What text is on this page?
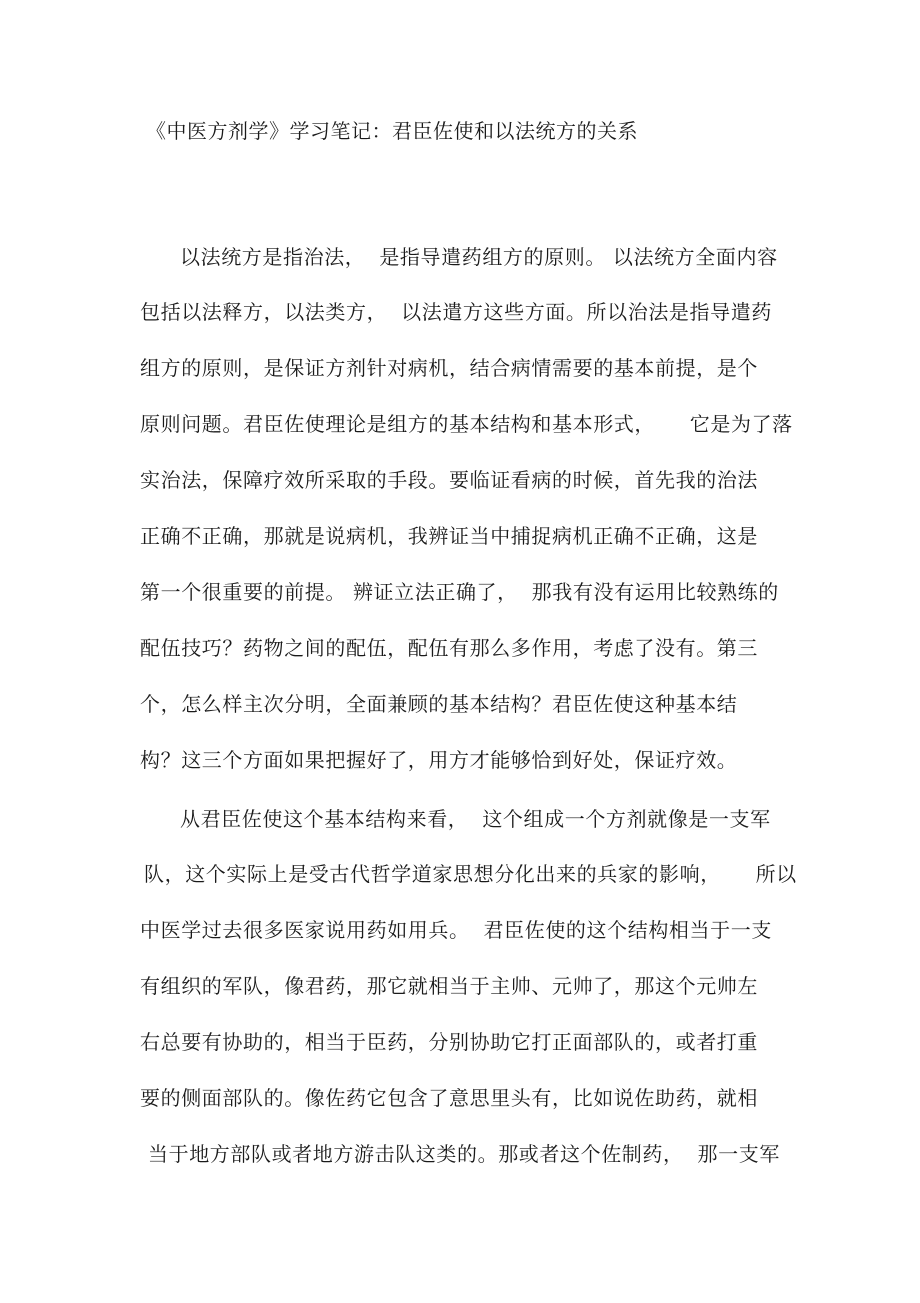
《中医方剂学》学习笔记：君臣佐使和以法统方的关系
以法统方是指治法，  是指导遣药组方的原则。 以法统方全面内容
包括以法释方，以法类方，  以法遣方这些方面。所以治法是指导遣药
组方的原则，是保证方剂针对病机，结合病情需要的基本前提，是个
原则问题。君臣佐使理论是组方的基本结构和基本形式，     它是为了落
实治法，保障疗效所采取的手段。要临证看病的时候，首先我的治法
正确不正确，那就是说病机，我辨证当中捕捉病机正确不正确，这是
第一个很重要的前提。 辨证立法正确了，  那我有没有运用比较熟练的
配伍技巧？药物之间的配伍，配伍有那么多作用，考虑了没有。第三
个，怎么样主次分明，全面兼顾的基本结构？君臣佐使这种基本结
构？这三个方面如果把握好了，用方才能够恰到好处，保证疗效。
从君臣佐使这个基本结构来看，  这个组成一个方剂就像是一支军
队，这个实际上是受古代哲学道家思想分化出来的兵家的影响，     所以
中医学过去很多医家说用药如用兵。  君臣佐使的这个结构相当于一支
有组织的军队，像君药，那它就相当于主帅、元帅了，那这个元帅左
右总要有协助的，相当于臣药，分别协助它打正面部队的，或者打重
要的侧面部队的。像佐药它包含了意思里头有，比如说佐助药，就相
当于地方部队或者地方游击队这类的。那或者这个佐制药，  那一支军
